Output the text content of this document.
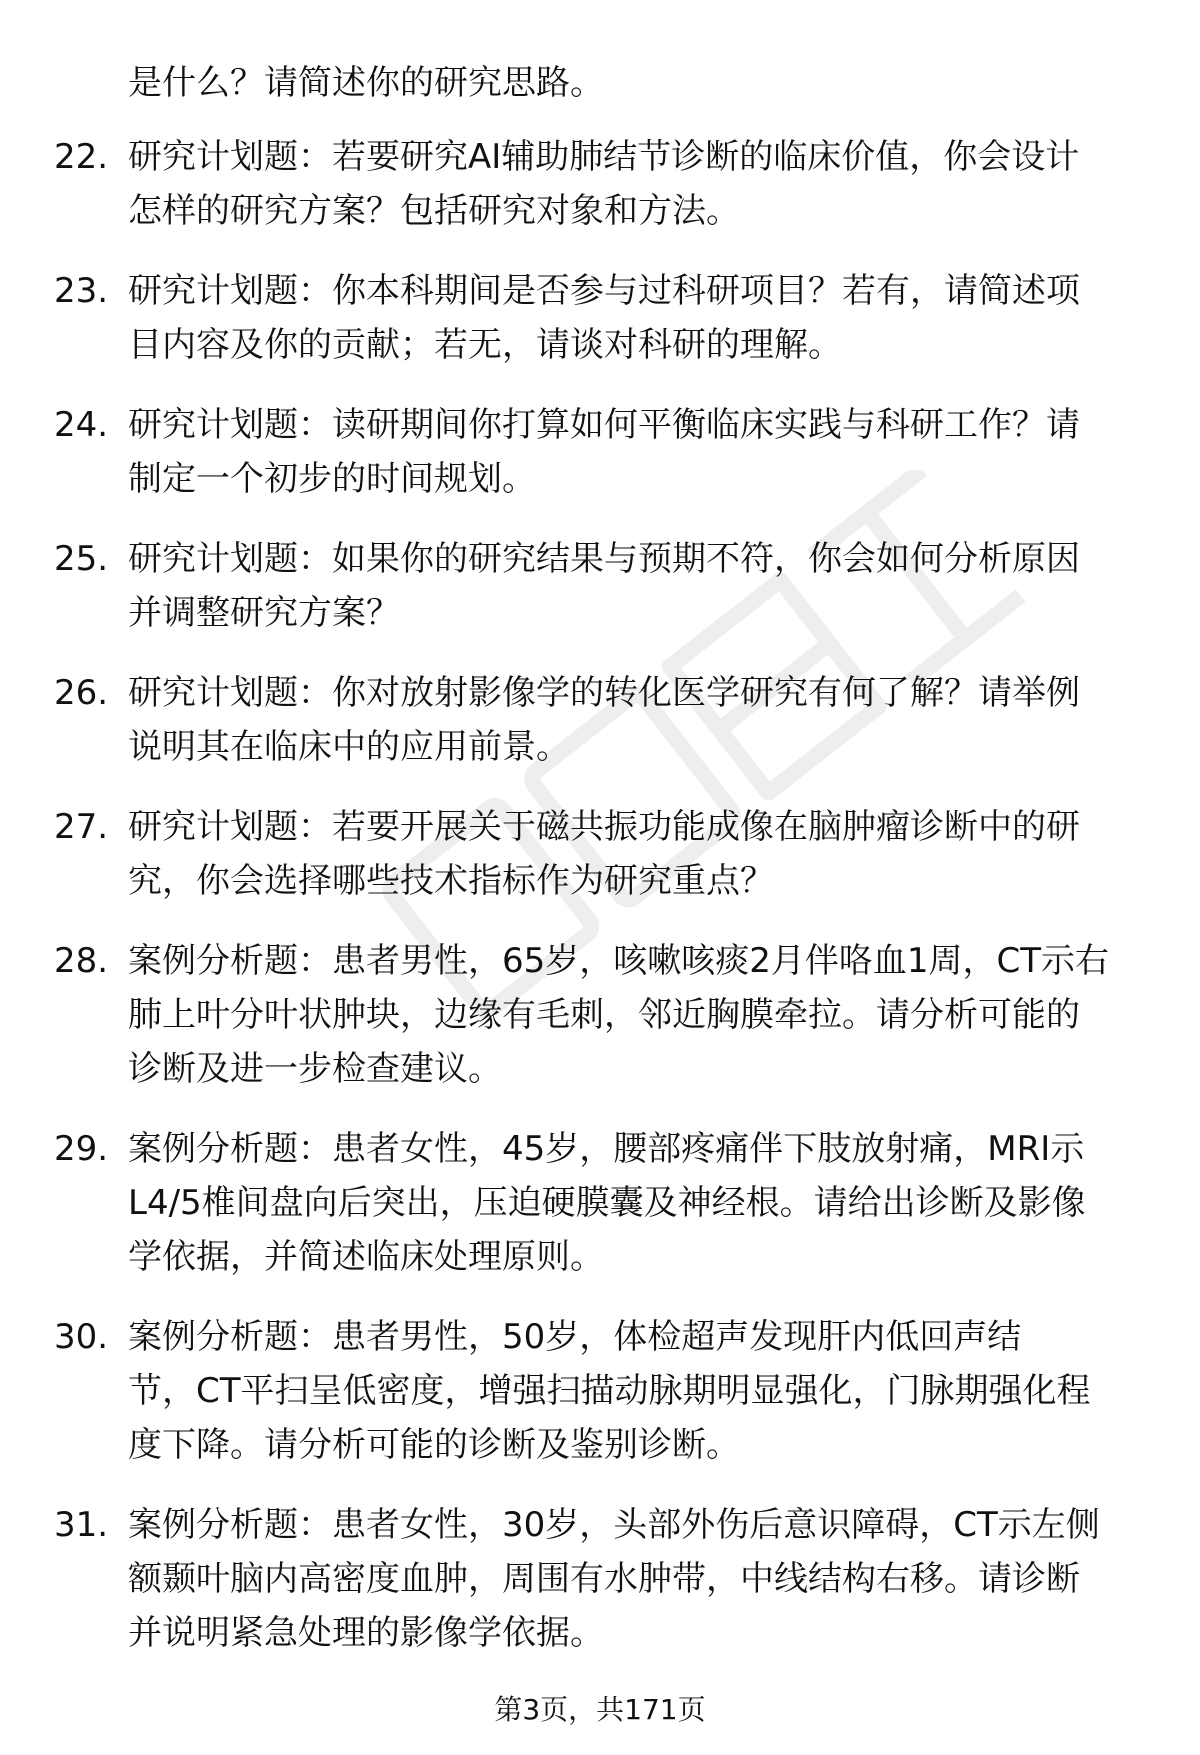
是什么？请简述你的研究思路。
22. 研究计划题：若要研究AI辅助肺结节诊断的临床价值，你会设计
怎样的研究方案？包括研究对象和方法。
23. 研究计划题：你本科期间是否参与过科研项目？若有，请简述项
目内容及你的贡献；若无，请谈对科研的理解。
24. 研究计划题：读研期间你打算如何平衡临床实践与科研工作？请
制定一个初步的时间规划。
25. 研究计划题：如果你的研究结果与预期不符，你会如何分析原因
并调整研究方案？
26. 研究计划题：你对放射影像学的转化医学研究有何了解？请举例
说明其在临床中的应用前景。
27. 研究计划题：若要开展关于磁共振功能成像在脑肿瘤诊断中的研
究，你会选择哪些技术指标作为研究重点？
28. 案例分析题：患者男性，65岁，咳嗽咳痰2月伴咯血1周，CT示右
肺上叶分叶状肿块，边缘有毛刺，邻近胸膜牵拉。请分析可能的
诊断及进一步检查建议。
29. 案例分析题：患者女性，45岁，腰部疼痛伴下肢放射痛，MRI示
L4/5椎间盘向后突出，压迫硬膜囊及神经根。请给出诊断及影像
学依据，并简述临床处理原则。
30. 案例分析题：患者男性，50岁，体检超声发现肝内低回声结
节，CT平扫呈低密度，增强扫描动脉期明显强化，门脉期强化程
度下降。请分析可能的诊断及鉴别诊断。
31. 案例分析题：患者女性，30岁，头部外伤后意识障碍，CT示左侧
额颞叶脑内高密度血肿，周围有水肿带，中线结构右移。请诊断
并说明紧急处理的影像学依据。
第3页，共171页
